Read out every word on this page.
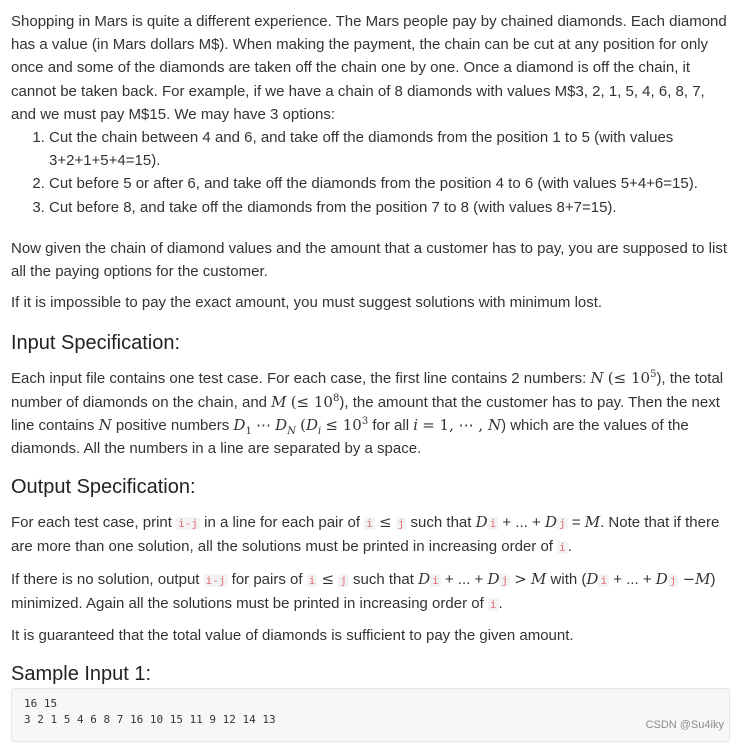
Shopping in Mars is quite a different experience. The Mars people pay by chained diamonds. Each diamond has a value (in Mars dollars M$). When making the payment, the chain can be cut at any position for only once and some of the diamonds are taken off the chain one by one. Once a diamond is off the chain, it cannot be taken back. For example, if we have a chain of 8 diamonds with values M$3, 2, 1, 5, 4, 6, 8, 7, and we must pay M$15. We may have 3 options:

1. Cut the chain between 4 and 6, and take off the diamonds from the position 1 to 5 (with values 3+2+1+5+4=15).
2. Cut before 5 or after 6, and take off the diamonds from the position 4 to 6 (with values 5+4+6=15).
3. Cut before 8, and take off the diamonds from the position 7 to 8 (with values 8+7=15).

Now given the chain of diamond values and the amount that a customer has to pay, you are supposed to list all the paying options for the customer.

If it is impossible to pay the exact amount, you must suggest solutions with minimum lost.

Input Specification:

Each input file contains one test case. For each case, the first line contains 2 numbers: N (≤ $10^5$), the total number of diamonds on the chain, and M (≤ $10^8$), the amount that the customer has to pay. Then the next line contains N positive numbers $D_1$ ⋯ $D_N$ ($D_i \le 10^3$ for all i = 1, ⋯ , N) which are the values of the diamonds. All the numbers in a line are separated by a space.

Output Specification:

For each test case, print i-j in a line for each pair of i ≤ j such that D i + ... + D j = M. Note that if there are more than one solution, all the solutions must be printed in increasing order of i .

If there is no solution, output i-j for pairs of i ≤ j such that D i + ... + D j > M with (D i + ... + D j −M) minimized. Again all the solutions must be printed in increasing order of i .

It is guaranteed that the total value of diamonds is sufficient to pay the given amount.

Sample Input 1:
16 15
3 2 1 5 4 6 8 7 16 10 15 11 9 12 14 13	CSDN @Su4iky
